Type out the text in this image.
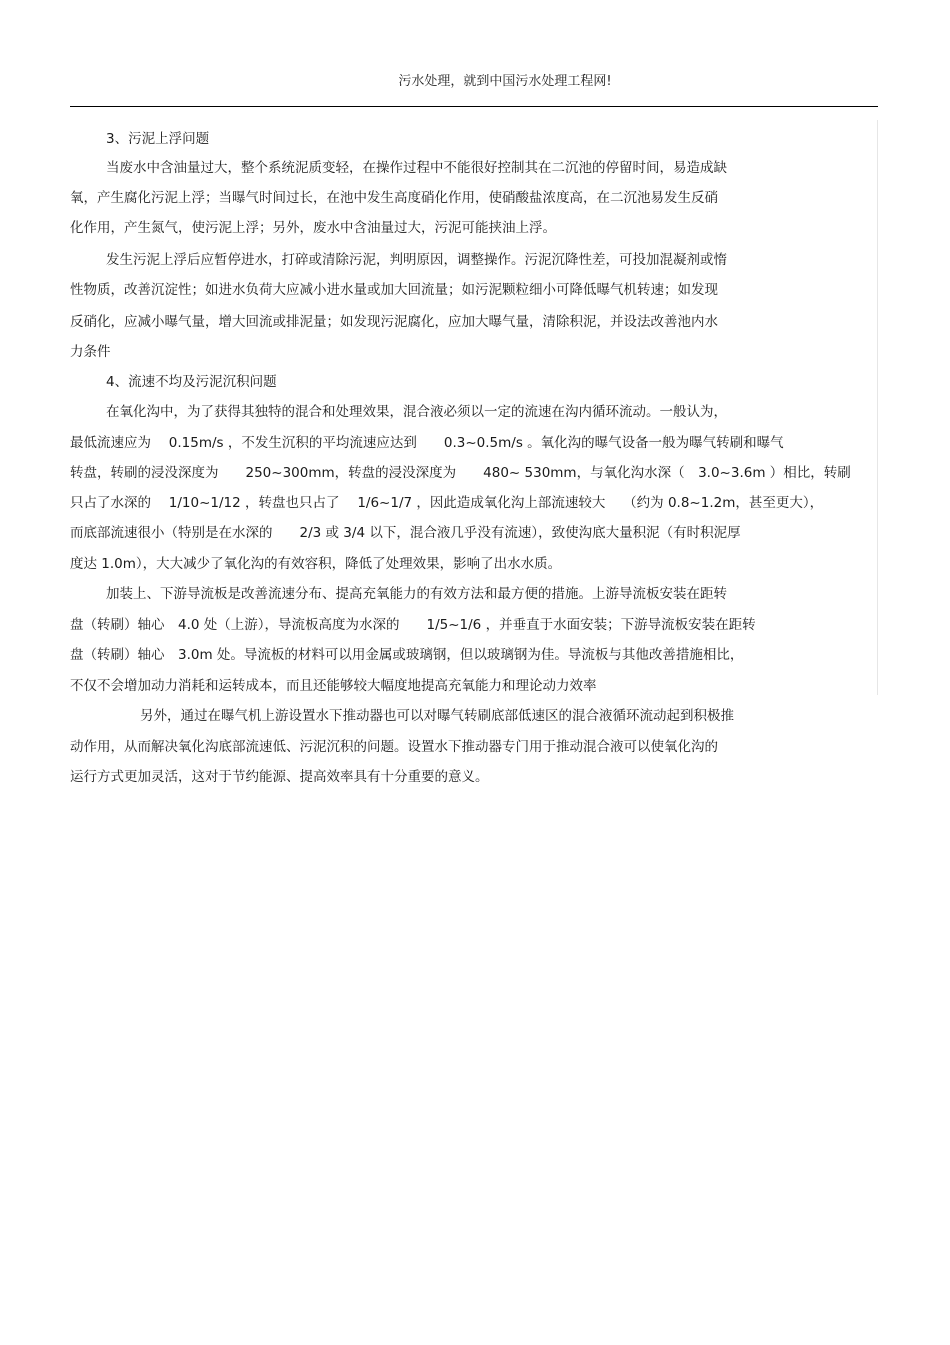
污水处理，就到中国污水处理工程网!
3、污泥上浮问题
当废水中含油量过大，整个系统泥质变轻，在操作过程中不能很好控制其在二沉池的停留时间，易造成缺
氧，产生腐化污泥上浮；当曝气时间过长，在池中发生高度硝化作用，使硝酸盐浓度高，在二沉池易发生反硝
化作用，产生氮气，使污泥上浮；另外，废水中含油量过大，污泥可能挟油上浮。
发生污泥上浮后应暂停进水，打碎或清除污泥，判明原因，调整操作。污泥沉降性差，可投加混凝剂或惰
性物质，改善沉淀性；如进水负荷大应减小进水量或加大回流量；如污泥颗粒细小可降低曝气机转速；如发现
反硝化，应减小曝气量，增大回流或排泥量；如发现污泥腐化，应加大曝气量，清除积泥，并设法改善池内水
力条件
4、流速不均及污泥沉积问题
在氧化沟中，为了获得其独特的混合和处理效果，混合液必须以一定的流速在沟内循环流动。一般认为，
最低流速应为　 0.15m/s ，不发生沉积的平均流速应达到　　0.3~0.5m/s 。氧化沟的曝气设备一般为曝气转刷和曝气
转盘，转刷的浸没深度为　　250~300mm，转盘的浸没深度为　　480~ 530mm，与氧化沟水深（　3.0~3.6m ）相比，转刷
只占了水深的　 1/10~1/12 ，转盘也只占了　 1/6~1/7 ，因此造成氧化沟上部流速较大　 （约为 0.8~1.2m，甚至更大），
而底部流速很小（特别是在水深的　　2/3 或 3/4 以下，混合液几乎没有流速），致使沟底大量积泥（有时积泥厚
度达 1.0m），大大减少了氧化沟的有效容积，降低了处理效果，影响了出水水质。
加装上、下游导流板是改善流速分布、提高充氧能力的有效方法和最方便的措施。上游导流板安装在距转
盘（转刷）轴心　4.0 处（上游），导流板高度为水深的　　1/5~1/6 ，并垂直于水面安装；下游导流板安装在距转
盘（转刷）轴心　3.0m 处。导流板的材料可以用金属或玻璃钢，但以玻璃钢为佳。导流板与其他改善措施相比，
不仅不会增加动力消耗和运转成本，而且还能够较大幅度地提高充氧能力和理论动力效率
另外，通过在曝气机上游设置水下推动器也可以对曝气转刷底部低速区的混合液循环流动起到积极推
动作用，从而解决氧化沟底部流速低、污泥沉积的问题。设置水下推动器专门用于推动混合液可以使氧化沟的
运行方式更加灵活，这对于节约能源、提高效率具有十分重要的意义。
